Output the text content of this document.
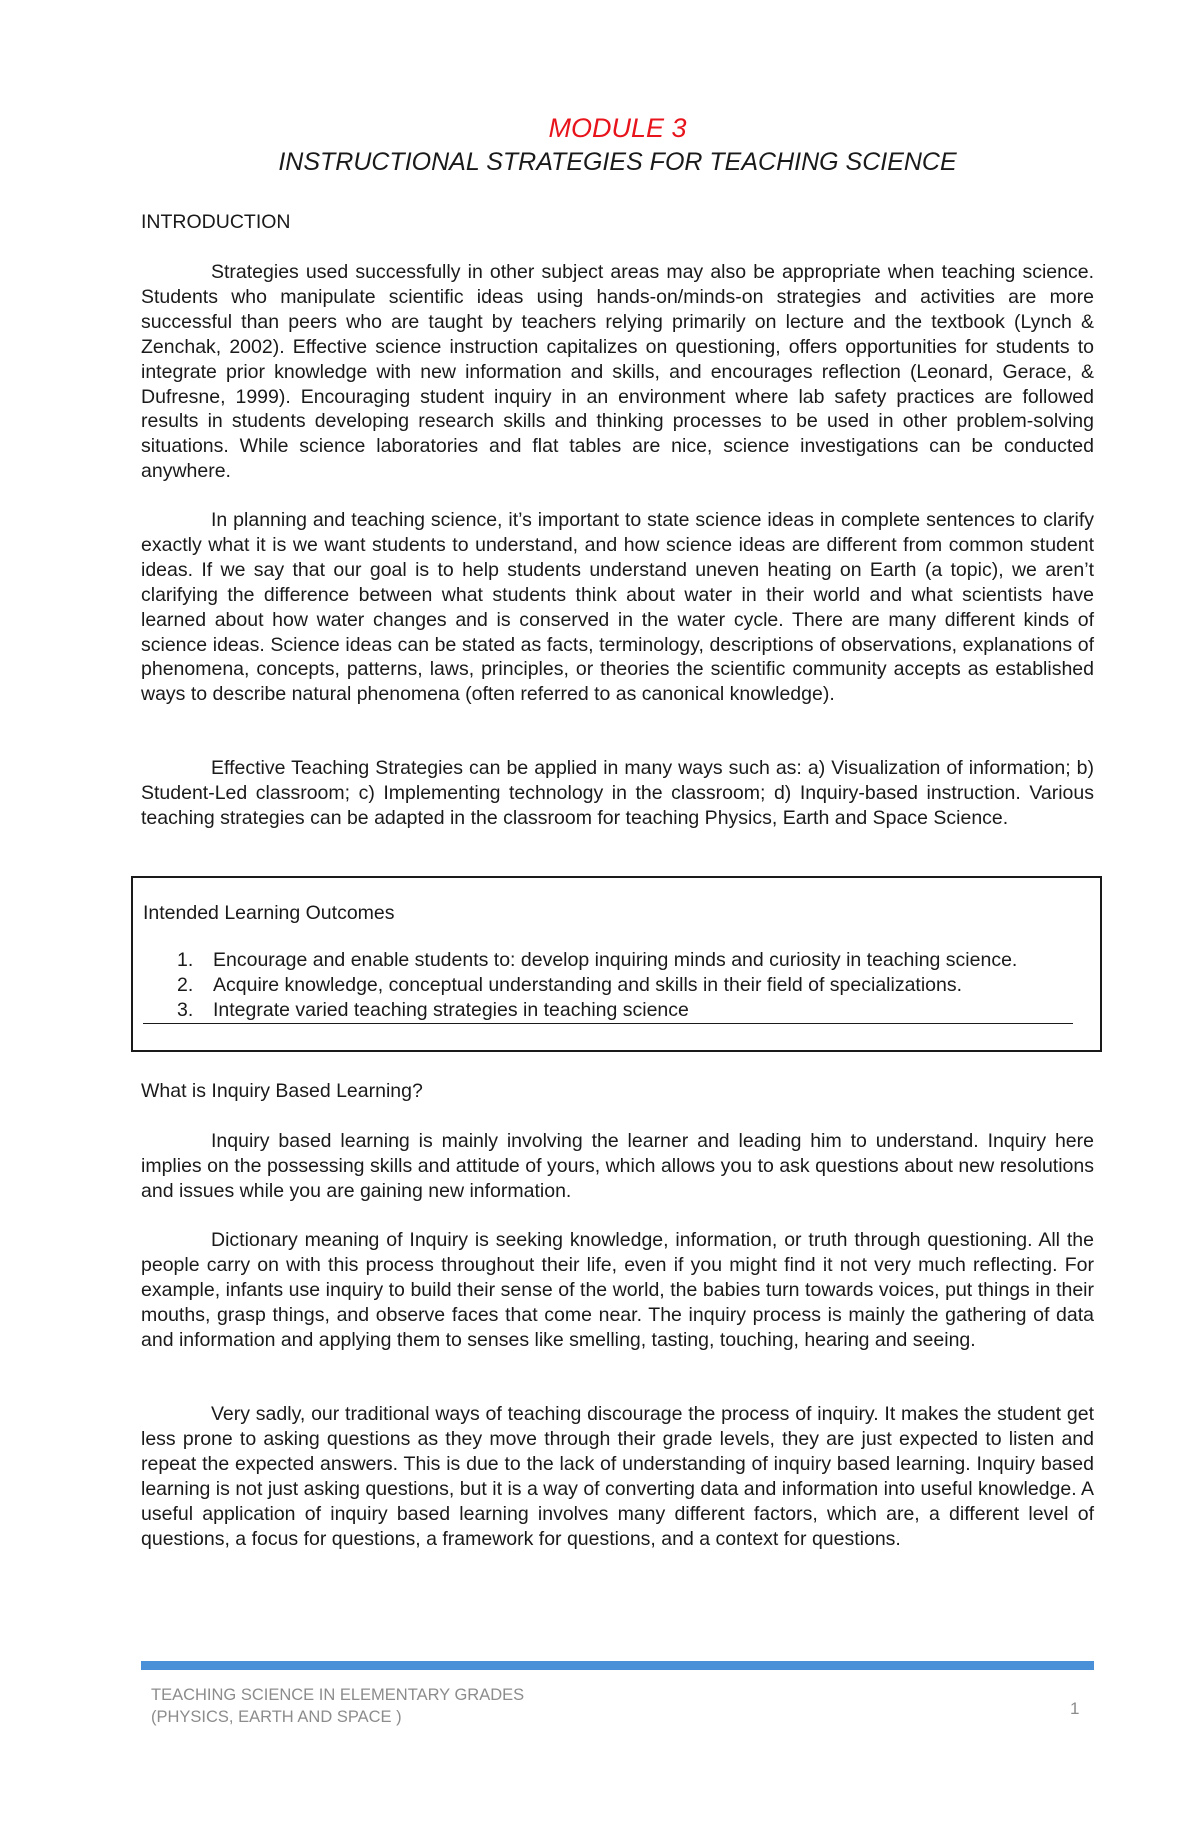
MODULE 3
INSTRUCTIONAL STRATEGIES FOR TEACHING SCIENCE
INTRODUCTION

Strategies used successfully in other subject areas may also be appropriate when teaching science. Students who manipulate scientific ideas using hands-on/minds-on strategies and activities are more successful than peers who are taught by teachers relying primarily on lecture and the textbook (Lynch & Zenchak, 2002). Effective science instruction capitalizes on questioning, offers opportunities for students to integrate prior knowledge with new information and skills, and encourages reflection (Leonard, Gerace, & Dufresne, 1999). Encouraging student inquiry in an environment where lab safety practices are followed results in students developing research skills and thinking processes to be used in other problem-solving situations. While science laboratories and flat tables are nice, science investigations can be conducted anywhere.

In planning and teaching science, it’s important to state science ideas in complete sentences to clarify exactly what it is we want students to understand, and how science ideas are different from common student ideas. If we say that our goal is to help students understand uneven heating on Earth (a topic), we aren’t clarifying the difference between what students think about water in their world and what scientists have learned about how water changes and is conserved in the water cycle. There are many different kinds of science ideas. Science ideas can be stated as facts, terminology, descriptions of observations, explanations of phenomena, concepts, patterns, laws, principles, or theories the scientific community accepts as established ways to describe natural phenomena (often referred to as canonical knowledge).

Effective Teaching Strategies can be applied in many ways such as: a) Visualization of information; b) Student-Led classroom; c) Implementing technology in the classroom; d) Inquiry-based instruction. Various teaching strategies can be adapted in the classroom for teaching Physics, Earth and Space Science.

Intended Learning Outcomes
1. Encourage and enable students to: develop inquiring minds and curiosity in teaching science.
2. Acquire knowledge, conceptual understanding and skills in their field of specializations.
3. Integrate varied teaching strategies in teaching science
What is Inquiry Based Learning?

Inquiry based learning is mainly involving the learner and leading him to understand. Inquiry here implies on the possessing skills and attitude of yours, which allows you to ask questions about new resolutions and issues while you are gaining new information.

Dictionary meaning of Inquiry is seeking knowledge, information, or truth through questioning. All the people carry on with this process throughout their life, even if you might find it not very much reflecting. For example, infants use inquiry to build their sense of the world, the babies turn towards voices, put things in their mouths, grasp things, and observe faces that come near. The inquiry process is mainly the gathering of data and information and applying them to senses like smelling, tasting, touching, hearing and seeing.

Very sadly, our traditional ways of teaching discourage the process of inquiry. It makes the student get less prone to asking questions as they move through their grade levels, they are just expected to listen and repeat the expected answers. This is due to the lack of understanding of inquiry based learning. Inquiry based learning is not just asking questions, but it is a way of converting data and information into useful knowledge. A useful application of inquiry based learning involves many different factors, which are, a different level of questions, a focus for questions, a framework for questions, and a context for questions.

TEACHING SCIENCE IN ELEMENTARY GRADES
(PHYSICS, EARTH AND SPACE )	1
